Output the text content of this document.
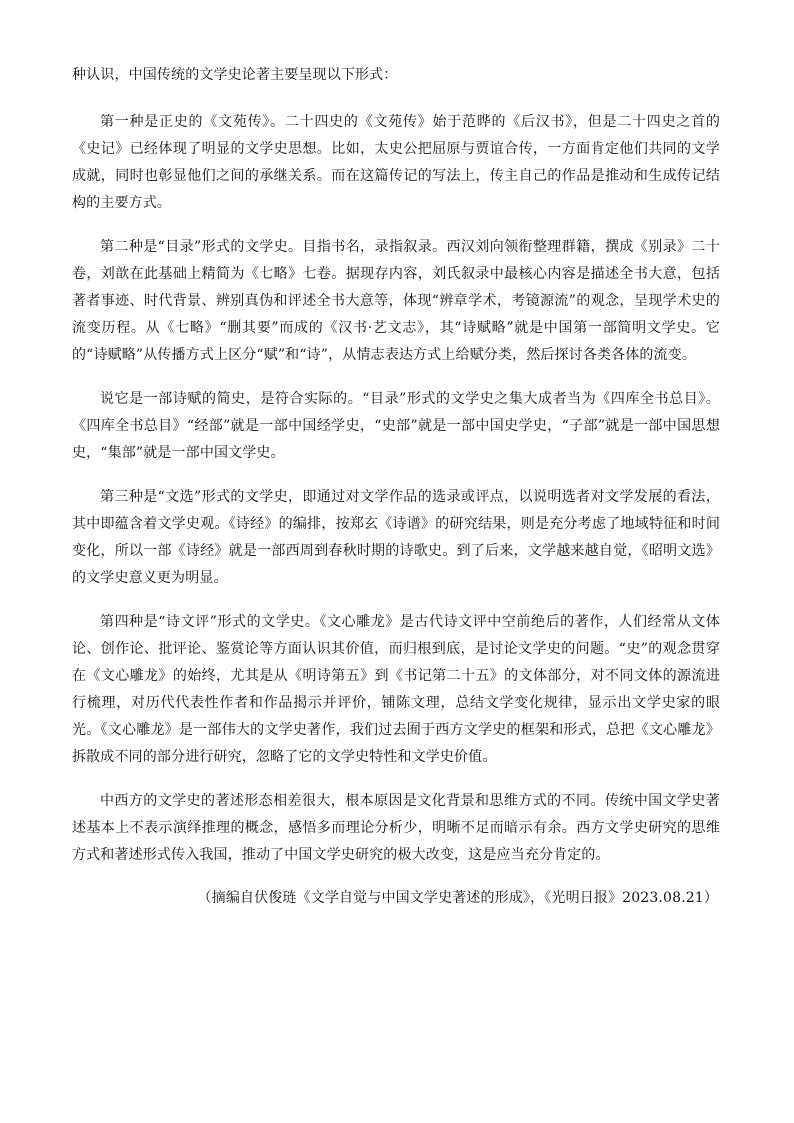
种认识，中国传统的文学史论著主要呈现以下形式：

第一种是正史的《文苑传》。二十四史的《文苑传》始于范晔的《后汉书》，但是二十四史之首的《史记》已经体现了明显的文学史思想。比如，太史公把屈原与贾谊合传，一方面肯定他们共同的文学成就，同时也彰显他们之间的承继关系。而在这篇传记的写法上，传主自己的作品是推动和生成传记结构的主要方式。

第二种是“目录”形式的文学史。目指书名，录指叙录。西汉刘向领衔整理群籍，撰成《别录》二十卷，刘歆在此基础上精简为《七略》七卷。据现存内容，刘氏叙录中最核心内容是描述全书大意，包括著者事迹、时代背景、辨别真伪和评述全书大意等，体现“辨章学术，考镜源流”的观念，呈现学术史的流变历程。从《七略》“删其要”而成的《汉书·艺文志》，其“诗赋略”就是中国第一部简明文学史。它的“诗赋略”从传播方式上区分“赋”和“诗”，从情志表达方式上给赋分类，然后探讨各类各体的流变。

说它是一部诗赋的简史，是符合实际的。“目录”形式的文学史之集大成者当为《四库全书总目》。《四库全书总目》“经部”就是一部中国经学史，“史部”就是一部中国史学史，“子部”就是一部中国思想史，“集部”就是一部中国文学史。

第三种是“文选”形式的文学史，即通过对文学作品的选录或评点，以说明选者对文学发展的看法，其中即蕴含着文学史观。《诗经》的编排，按郑玄《诗谱》的研究结果，则是充分考虑了地域特征和时间变化，所以一部《诗经》就是一部西周到春秋时期的诗歌史。到了后来，文学越来越自觉，《昭明文选》的文学史意义更为明显。

第四种是“诗文评”形式的文学史。《文心雕龙》是古代诗文评中空前绝后的著作，人们经常从文体论、创作论、批评论、鉴赏论等方面认识其价值，而归根到底，是讨论文学史的问题。“史”的观念贯穿在《文心雕龙》的始终，尤其是从《明诗第五》到《书记第二十五》的文体部分，对不同文体的源流进行梳理，对历代代表性作者和作品揭示并评价，铺陈文理，总结文学变化规律，显示出文学史家的眼光。《文心雕龙》是一部伟大的文学史著作，我们过去囿于西方文学史的框架和形式，总把《文心雕龙》拆散成不同的部分进行研究，忽略了它的文学史特性和文学史价值。

中西方的文学史的著述形态相差很大，根本原因是文化背景和思维方式的不同。传统中国文学史著述基本上不表示演绎推理的概念，感悟多而理论分析少，明晰不足而暗示有余。西方文学史研究的思维方式和著述形式传入我国，推动了中国文学史研究的极大改变，这是应当充分肯定的。

（摘编自伏俊琏《文学自觉与中国文学史著述的形成》，《光明日报》2023.08.21）
